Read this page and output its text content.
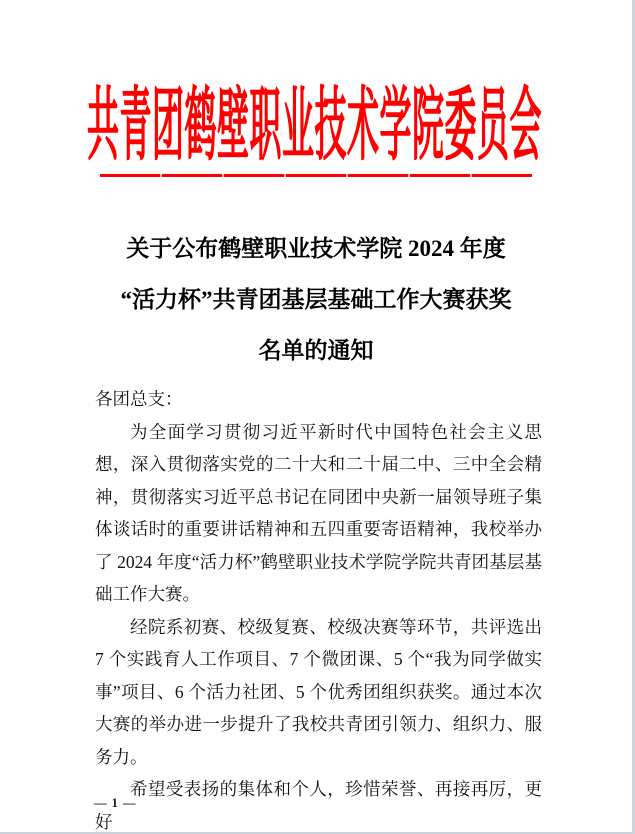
共青团鹤壁职业技术学院委员会
关于公布鹤壁职业技术学院 2024 年度
“活力杯”共青团基层基础工作大赛获奖
名单的通知

各团总支：

为全面学习贯彻习近平新时代中国特色社会主义思想，深入贯彻落实党的二十大和二十届二中、三中全会精神，贯彻落实习近平总书记在同团中央新一届领导班子集体谈话时的重要讲话精神和五四重要寄语精神，我校举办了 2024 年度“活力杯”鹤壁职业技术学院学院共青团基层基础工作大赛。

经院系初赛、校级复赛、校级决赛等环节，共评选出 7 个实践育人工作项目、7 个微团课、5 个“我为同学做实事”项目、6 个活力社团、5 个优秀团组织获奖。通过本次大赛的举办进一步提升了我校共青团引领力、组织力、服务力。

希望受表扬的集体和个人，珍惜荣誉、再接再厉，更好

— 1 —
